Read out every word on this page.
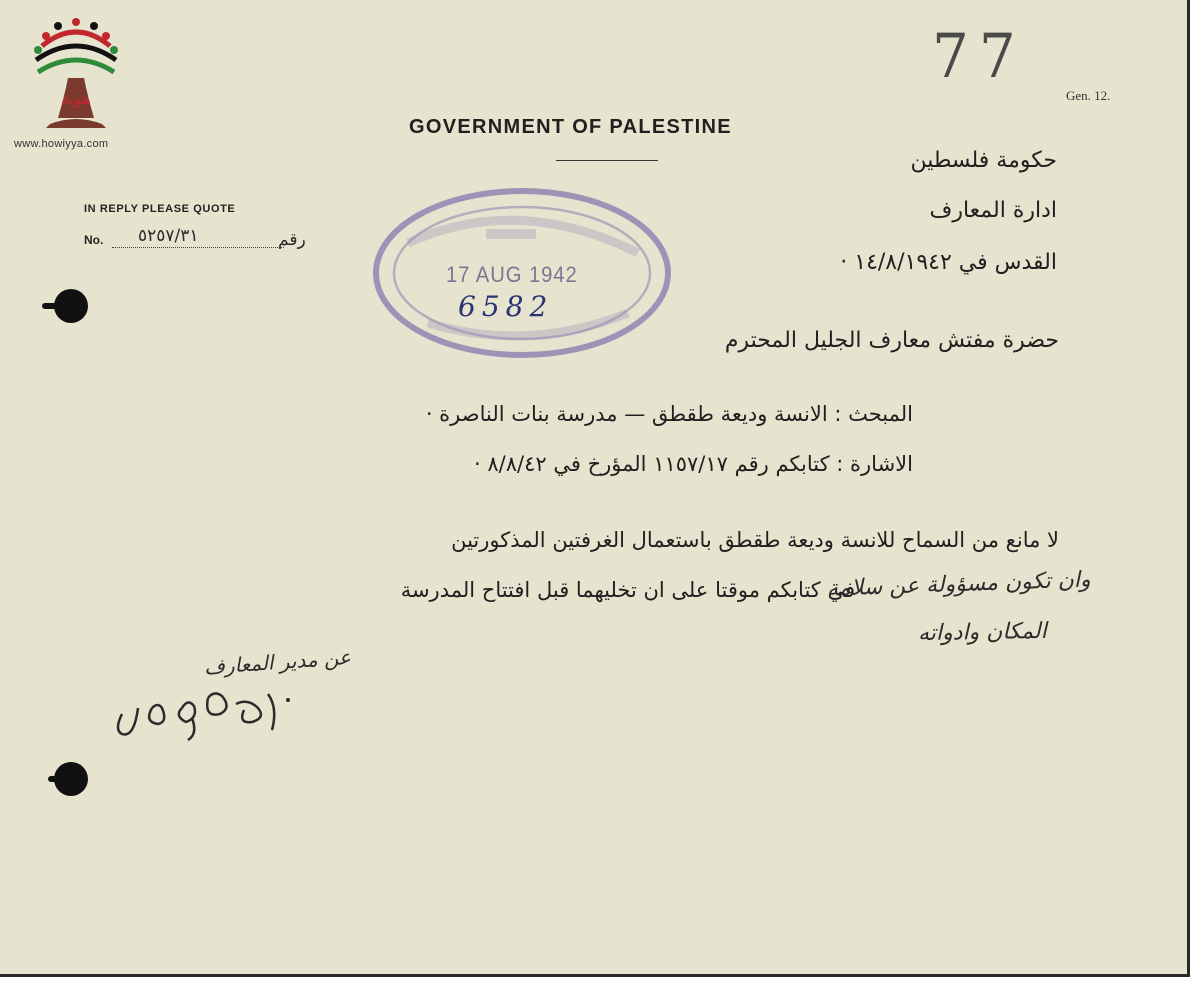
هوية
www.howiyya.com
77
Gen. 12.
GOVERNMENT OF PALESTINE
IN REPLY PLEASE QUOTE
No. ٥٢٥٧/٣١	رقم
17 AUG 1942
6582
حكومة فلسطين
ادارة المعارف
القدس في ١٤/٨/١٩٤٢ ·
حضرة مفتش معارف الجليل المحترم
المبحث : الانسة وديعة طقطق — مدرسة بنات الناصرة ·
الاشارة : كتابكم رقم ١١٥٧/١٧ المؤرخ في ٨/٨/٤٢ ·
لا مانع من السماح للانسة وديعة طقطق باستعمال الغرفتين المذكورتين
في كتابكم موقتا على ان تخليهما قبل افتتاح المدرسة
وان تكون مسؤولة عن سلامة
المكان وادواته
عن مدير المعارف
